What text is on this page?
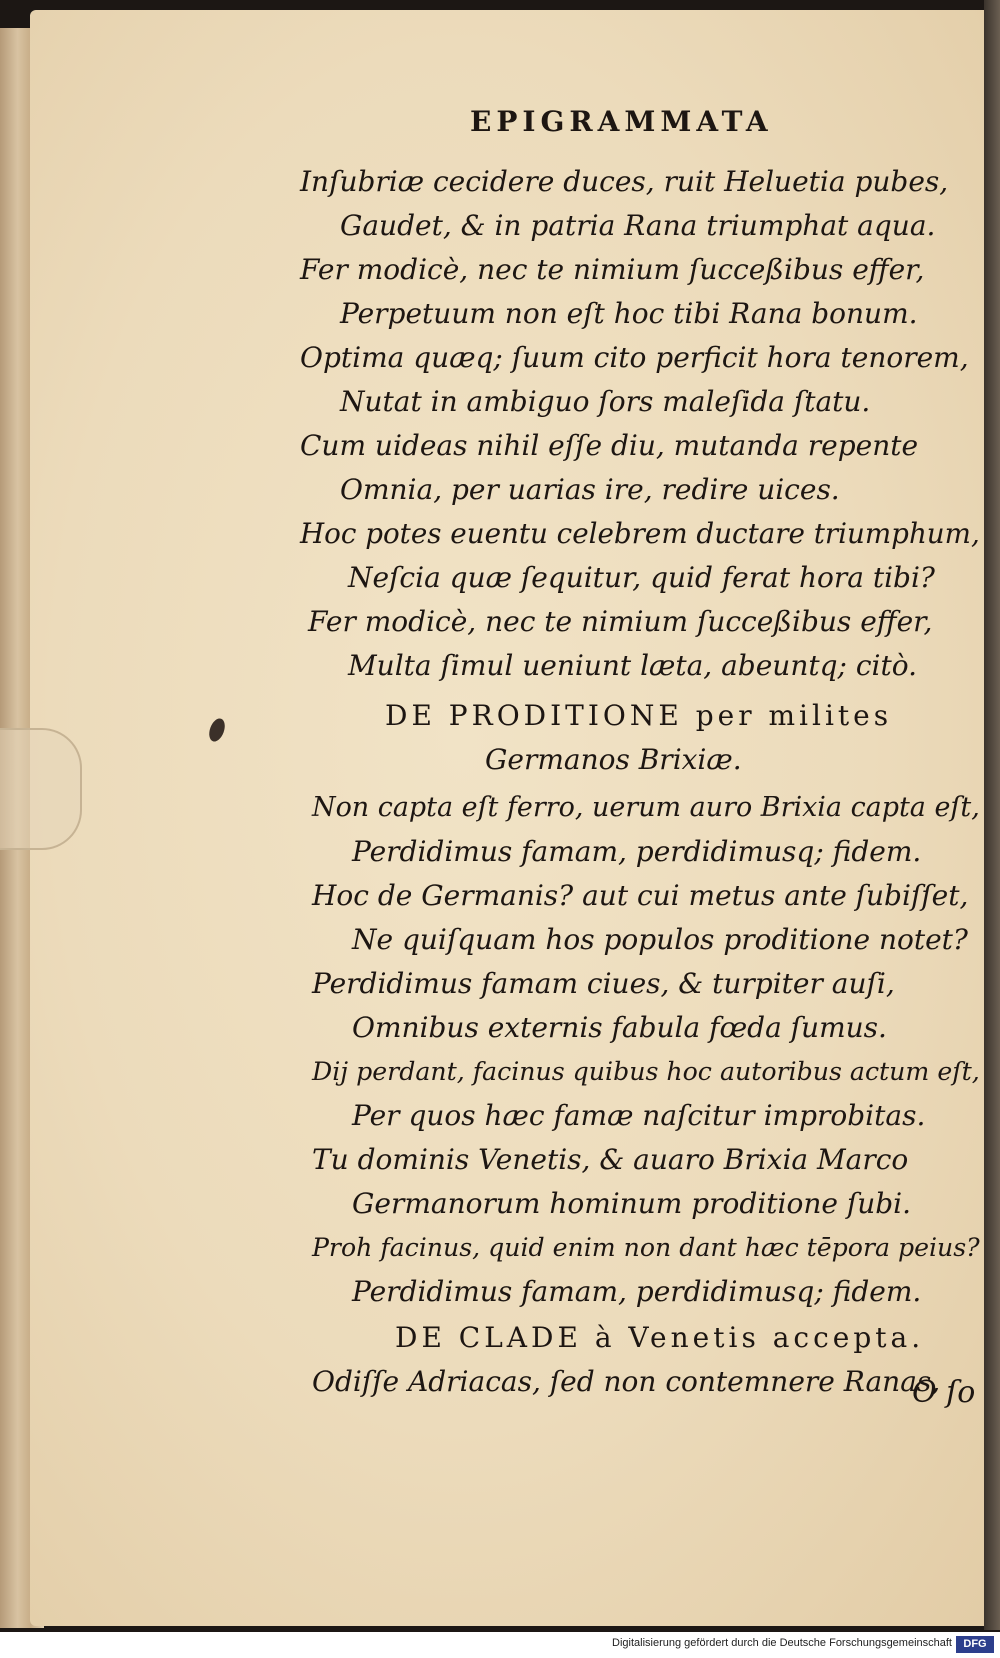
EPIGRAMMATA
Inſubriæ cecidere duces, ruit Heluetia pubes,
Gaudet, & in patria Rana triumphat aqua.
Fer modicè, nec te nimium ſucceßibus effer,
Perpetuum non eſt hoc tibi Rana bonum.
Optima quæq; ſuum cito perficit hora tenorem,
Nutat in ambiguo ſors maleſida ſtatu.
Cum uideas nihil eſſe diu, mutanda repente
Omnia, per uarias ire, redire uices.
Hoc potes euentu celebrem ductare triumphum,
Neſcia quæ ſequitur, quid ferat hora tibi?
Fer modicè, nec te nimium ſucceßibus effer,
Multa ſimul ueniunt læta, abeuntq; citò.
DE PRODITIONE per milites
Germanos Brixiæ.
Non capta eſt ferro, uerum auro Brixia capta eſt,
Perdidimus famam, perdidimusq; fidem.
Hoc de Germanis? aut cui metus ante ſubiſſet,
Ne quiſquam hos populos proditione notet?
Perdidimus famam ciues, & turpiter auſi,
Omnibus externis fabula fœda ſumus.
Dij perdant, facinus quibus hoc autoribus actum eſt,
Per quos hæc famæ naſcitur improbitas.
Tu dominis Venetis, & auaro Brixia Marco
Germanorum hominum proditione ſubi.
Proh facinus, quid enim non dant hæc tēpora peius?
Perdidimus famam, perdidimusq; fidem.
DE CLADE à Venetis accepta.
Odiſſe Adriacas, ſed non contemnere Ranas,
O ſo
Digitalisierung gefördert durch die Deutsche Forschungsgemeinschaft	DFG
